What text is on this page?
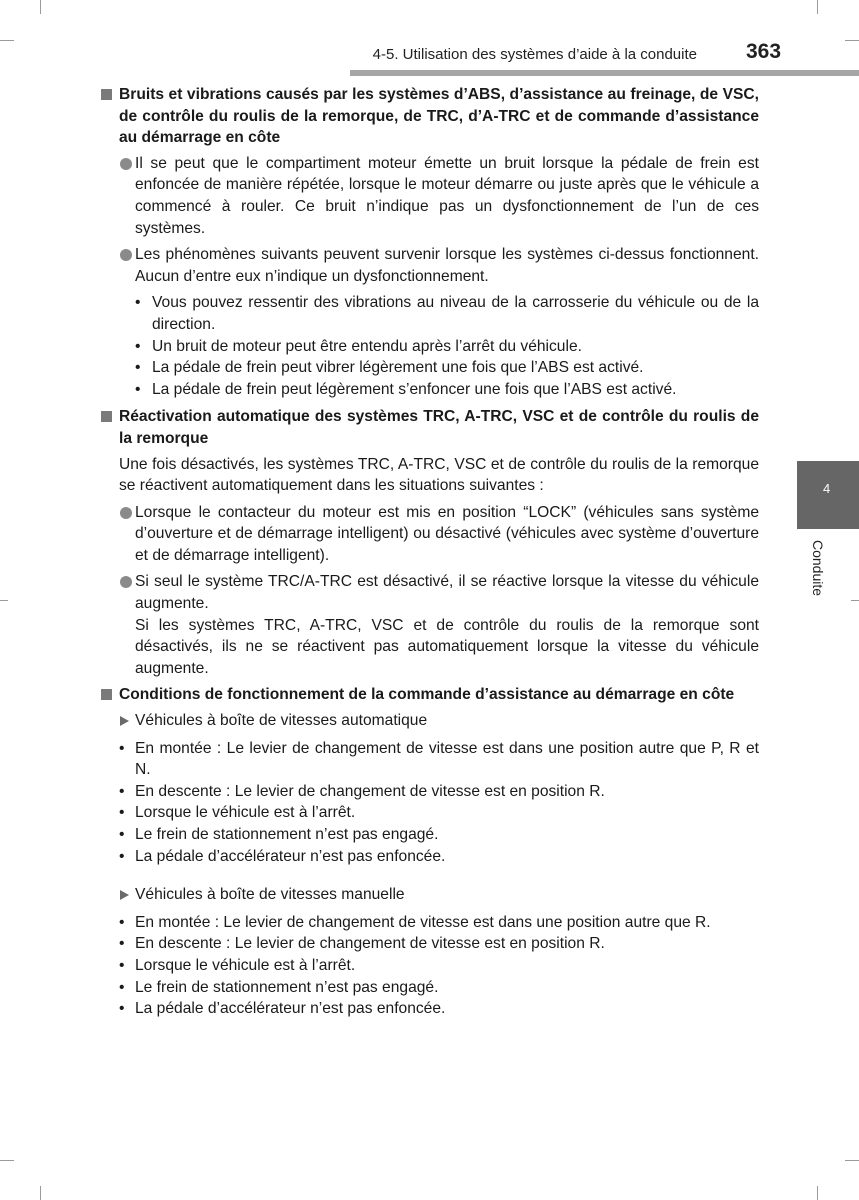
4-5. Utilisation des systèmes d’aide à la conduite 363
4
Conduite
Bruits et vibrations causés par les systèmes d’ABS, d’assistance au freinage, de VSC, de contrôle du roulis de la remorque, de TRC, d’A-TRC et de commande d’assistance au démarrage en côte
Il se peut que le compartiment moteur émette un bruit lorsque la pédale de frein est enfoncée de manière répétée, lorsque le moteur démarre ou juste après que le véhicule a commencé à rouler. Ce bruit n’indique pas un dysfonctionnement de l’un de ces systèmes.
Les phénomènes suivants peuvent survenir lorsque les systèmes ci-dessus fonctionnent. Aucun d’entre eux n’indique un dysfonctionnement.
• Vous pouvez ressentir des vibrations au niveau de la carrosserie du véhicule ou de la direction.
• Un bruit de moteur peut être entendu après l’arrêt du véhicule.
• La pédale de frein peut vibrer légèrement une fois que l’ABS est activé.
• La pédale de frein peut légèrement s’enfoncer une fois que l’ABS est activé.
Réactivation automatique des systèmes TRC, A-TRC, VSC et de contrôle du roulis de la remorque
Une fois désactivés, les systèmes TRC, A-TRC, VSC et de contrôle du roulis de la remorque se réactivent automatiquement dans les situations suivantes :
Lorsque le contacteur du moteur est mis en position “LOCK” (véhicules sans système d’ouverture et de démarrage intelligent) ou désactivé (véhicules avec système d’ouverture et de démarrage intelligent).
Si seul le système TRC/A-TRC est désactivé, il se réactive lorsque la vitesse du véhicule augmente.
Si les systèmes TRC, A-TRC, VSC et de contrôle du roulis de la remorque sont désactivés, ils ne se réactivent pas automatiquement lorsque la vitesse du véhicule augmente.
Conditions de fonctionnement de la commande d’assistance au démarrage en côte
Véhicules à boîte de vitesses automatique
• En montée : Le levier de changement de vitesse est dans une position autre que P, R et N.
• En descente : Le levier de changement de vitesse est en position R.
• Lorsque le véhicule est à l’arrêt.
• Le frein de stationnement n’est pas engagé.
• La pédale d’accélérateur n’est pas enfoncée.
Véhicules à boîte de vitesses manuelle
• En montée : Le levier de changement de vitesse est dans une position autre que R.
• En descente : Le levier de changement de vitesse est en position R.
• Lorsque le véhicule est à l’arrêt.
• Le frein de stationnement n’est pas engagé.
• La pédale d’accélérateur n’est pas enfoncée.
